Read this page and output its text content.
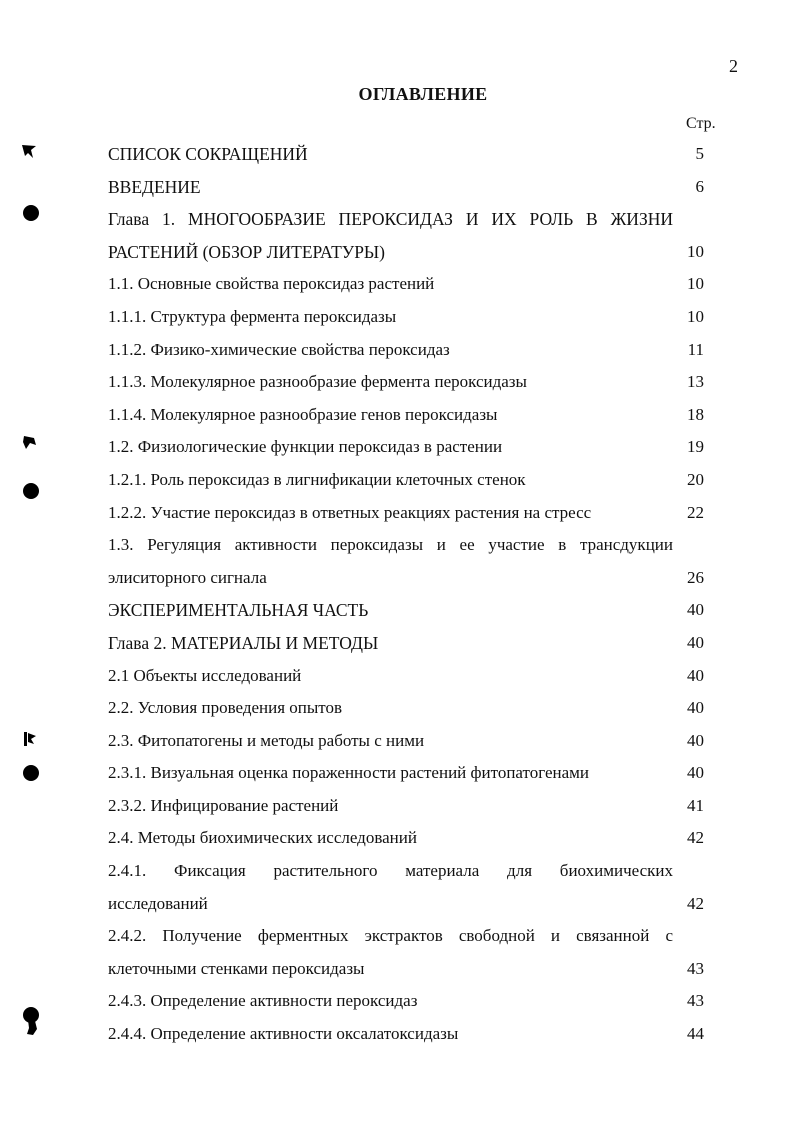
2
ОГЛАВЛЕНИЕ
Стр.
СПИСОК СОКРАЩЕНИЙ	5
ВВЕДЕНИЕ	6
Глава 1. МНОГООБРАЗИЕ ПЕРОКСИДАЗ И ИХ РОЛЬ В ЖИЗНИ
РАСТЕНИЙ (ОБЗОР ЛИТЕРАТУРЫ)	10
1.1. Основные свойства пероксидаз растений	10
1.1.1. Структура фермента пероксидазы	10
1.1.2. Физико-химические свойства пероксидаз	11
1.1.3. Молекулярное разнообразие фермента пероксидазы	13
1.1.4. Молекулярное разнообразие генов пероксидазы	18
1.2. Физиологические функции пероксидаз в растении	19
1.2.1. Роль пероксидаз в лигнификации клеточных стенок	20
1.2.2. Участие пероксидаз в ответных реакциях растения на стресс	22
1.3. Регуляция активности пероксидазы и ее участие в трансдукции
элиситорного сигнала	26
ЭКСПЕРИМЕНТАЛЬНАЯ ЧАСТЬ	40
Глава 2. МАТЕРИАЛЫ И МЕТОДЫ	40
2.1 Объекты исследований	40
2.2. Условия проведения опытов	40
2.3. Фитопатогены и методы работы с ними	40
2.3.1. Визуальная оценка пораженности растений фитопатогенами	40
2.3.2. Инфицирование растений	41
2.4. Методы биохимических исследований	42
2.4.1. Фиксация растительного материала для биохимических
исследований	42
2.4.2. Получение ферментных экстрактов свободной и связанной с
клеточными стенками пероксидазы	43
2.4.3. Определение активности пероксидаз	43
2.4.4. Определение активности оксалатоксидазы	44
